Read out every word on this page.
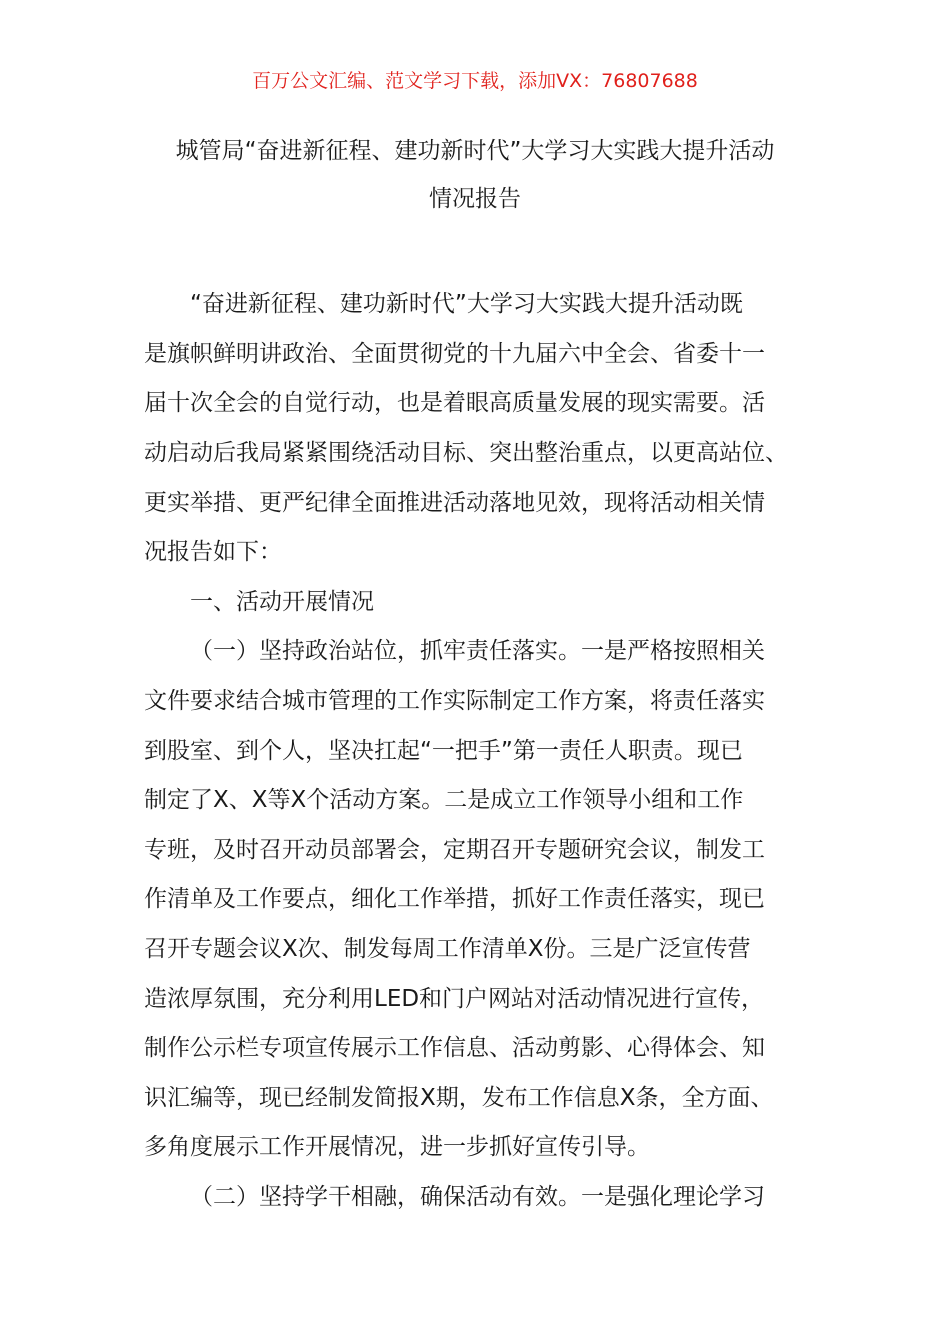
百万公文汇编、范文学习下载，添加VX：76807688
城管局“奋进新征程、建功新时代”大学习大实践大提升活动
情况报告
“奋进新征程、建功新时代”大学习大实践大提升活动既
是旗帜鲜明讲政治、全面贯彻党的十九届六中全会、省委十一
届十次全会的自觉行动，也是着眼高质量发展的现实需要。活
动启动后我局紧紧围绕活动目标、突出整治重点，以更高站位、
更实举措、更严纪律全面推进活动落地见效，现将活动相关情
况报告如下：
一、活动开展情况
（一）坚持政治站位，抓牢责任落实。一是严格按照相关
文件要求结合城市管理的工作实际制定工作方案，将责任落实
到股室、到个人，坚决扛起“一把手”第一责任人职责。现已
制定了X、X等X个活动方案。二是成立工作领导小组和工作
专班，及时召开动员部署会，定期召开专题研究会议，制发工
作清单及工作要点，细化工作举措，抓好工作责任落实，现已
召开专题会议X次、制发每周工作清单X份。三是广泛宣传营
造浓厚氛围，充分利用LED和门户网站对活动情况进行宣传，
制作公示栏专项宣传展示工作信息、活动剪影、心得体会、知
识汇编等，现已经制发简报X期，发布工作信息X条，全方面、
多角度展示工作开展情况，进一步抓好宣传引导。
（二）坚持学干相融，确保活动有效。一是强化理论学习
